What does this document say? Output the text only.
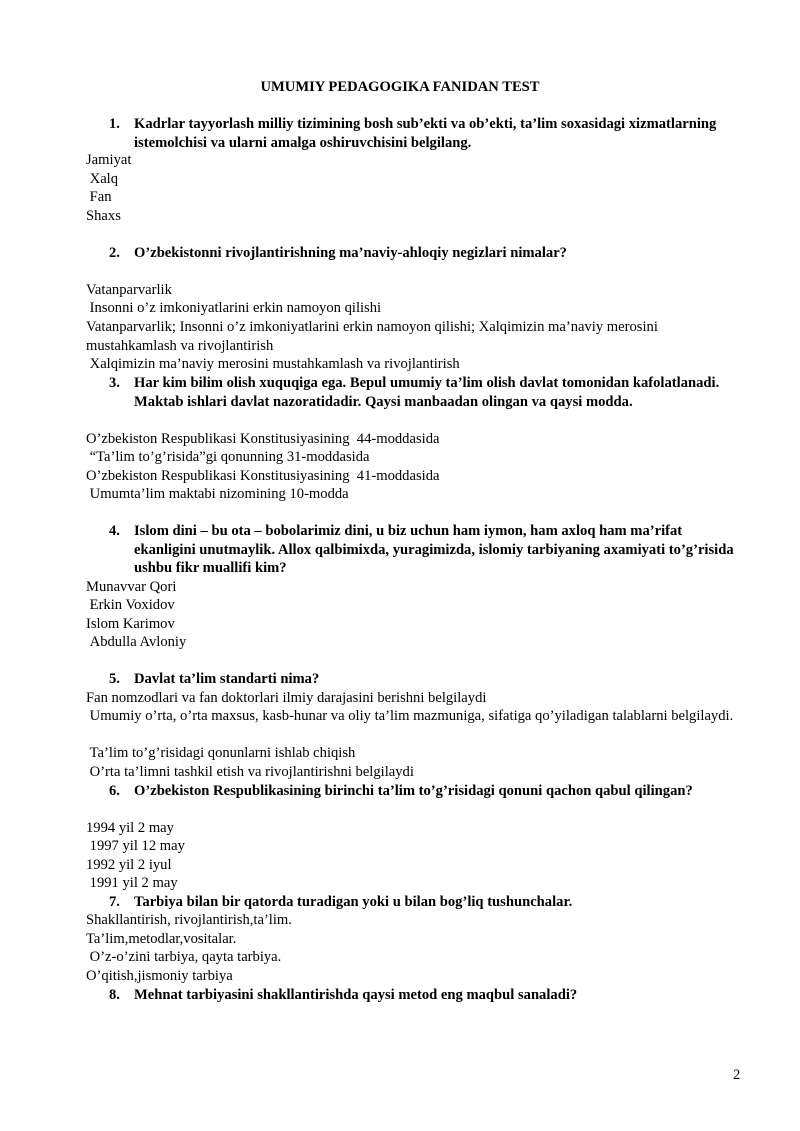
UMUMIY PEDAGOGIKA FANIDAN TEST
1. Kadrlar tayyorlash milliy tizimining bosh sub’ekti va ob’ekti, ta’lim soxasidagi xizmatlarning istemolchisi va ularni amalga oshiruvchisini belgilang.
Jamiyat
Xalq
Fan
Shaxs
2. O’zbekistonni rivojlantirishning ma’naviy-ahloqiy negizlari nimalar?
Vatanparvarlik
Insonni o’z imkoniyatlarini erkin namoyon qilishi
Vatanparvarlik; Insonni o’z imkoniyatlarini erkin namoyon qilishi; Xalqimizin ma’naviy merosini mustahkamlash va rivojlantirish
Xalqimizin ma’naviy merosini mustahkamlash va rivojlantirish
3. Har kim bilim olish xuquqiga ega. Bepul umumiy ta’lim olish davlat tomonidan kafolatlanadi. Maktab ishlari davlat nazoratidadir. Qaysi manbaadan olingan va qaysi modda.
O’zbekiston Respublikasi Konstitusiyasining  44-moddasida
“Ta’lim to’g’risida”gi qonunning 31-moddasida
O’zbekiston Respublikasi Konstitusiyasining  41-moddasida
Umumta’lim maktabi nizomining 10-modda
4. Islom dini – bu ota – bobolarimiz dini, u biz uchun ham iymon, ham axloq ham ma’rifat ekanligini unutmaylik. Allox qalbimixda, yuragimizda, islomiy tarbiyaning axamiyati to’g’risida ushbu fikr muallifi kim?
Munavvar Qori
Erkin Voxidov
Islom Karimov
Abdulla Avloniy
5. Davlat ta’lim standarti nima?
Fan nomzodlari va fan doktorlari ilmiy darajasini berishni belgilaydi
Umumiy o’rta, o’rta maxsus, kasb-hunar va oliy ta’lim mazmuniga, sifatiga qo’yiladigan talablarni belgilaydi.
Ta’lim to’g’risidagi qonunlarni ishlab chiqish
O’rta ta’limni tashkil etish va rivojlantirishni belgilaydi
6. O’zbekiston Respublikasining birinchi ta’lim to’g’risidagi qonuni qachon qabul qilingan?
1994 yil 2 may
1997 yil 12 may
1992 yil 2 iyul
1991 yil 2 may
7. Tarbiya bilan bir qatorda turadigan yoki u bilan bog’liq tushunchalar.
Shakllantirish, rivojlantirish,ta’lim.
Ta’lim,metodlar,vositalar.
O’z-o’zini tarbiya, qayta tarbiya.
O’qitish,jismoniy tarbiya
8. Mehnat tarbiyasini shakllantirishda qaysi metod eng maqbul sanaladi?
2
